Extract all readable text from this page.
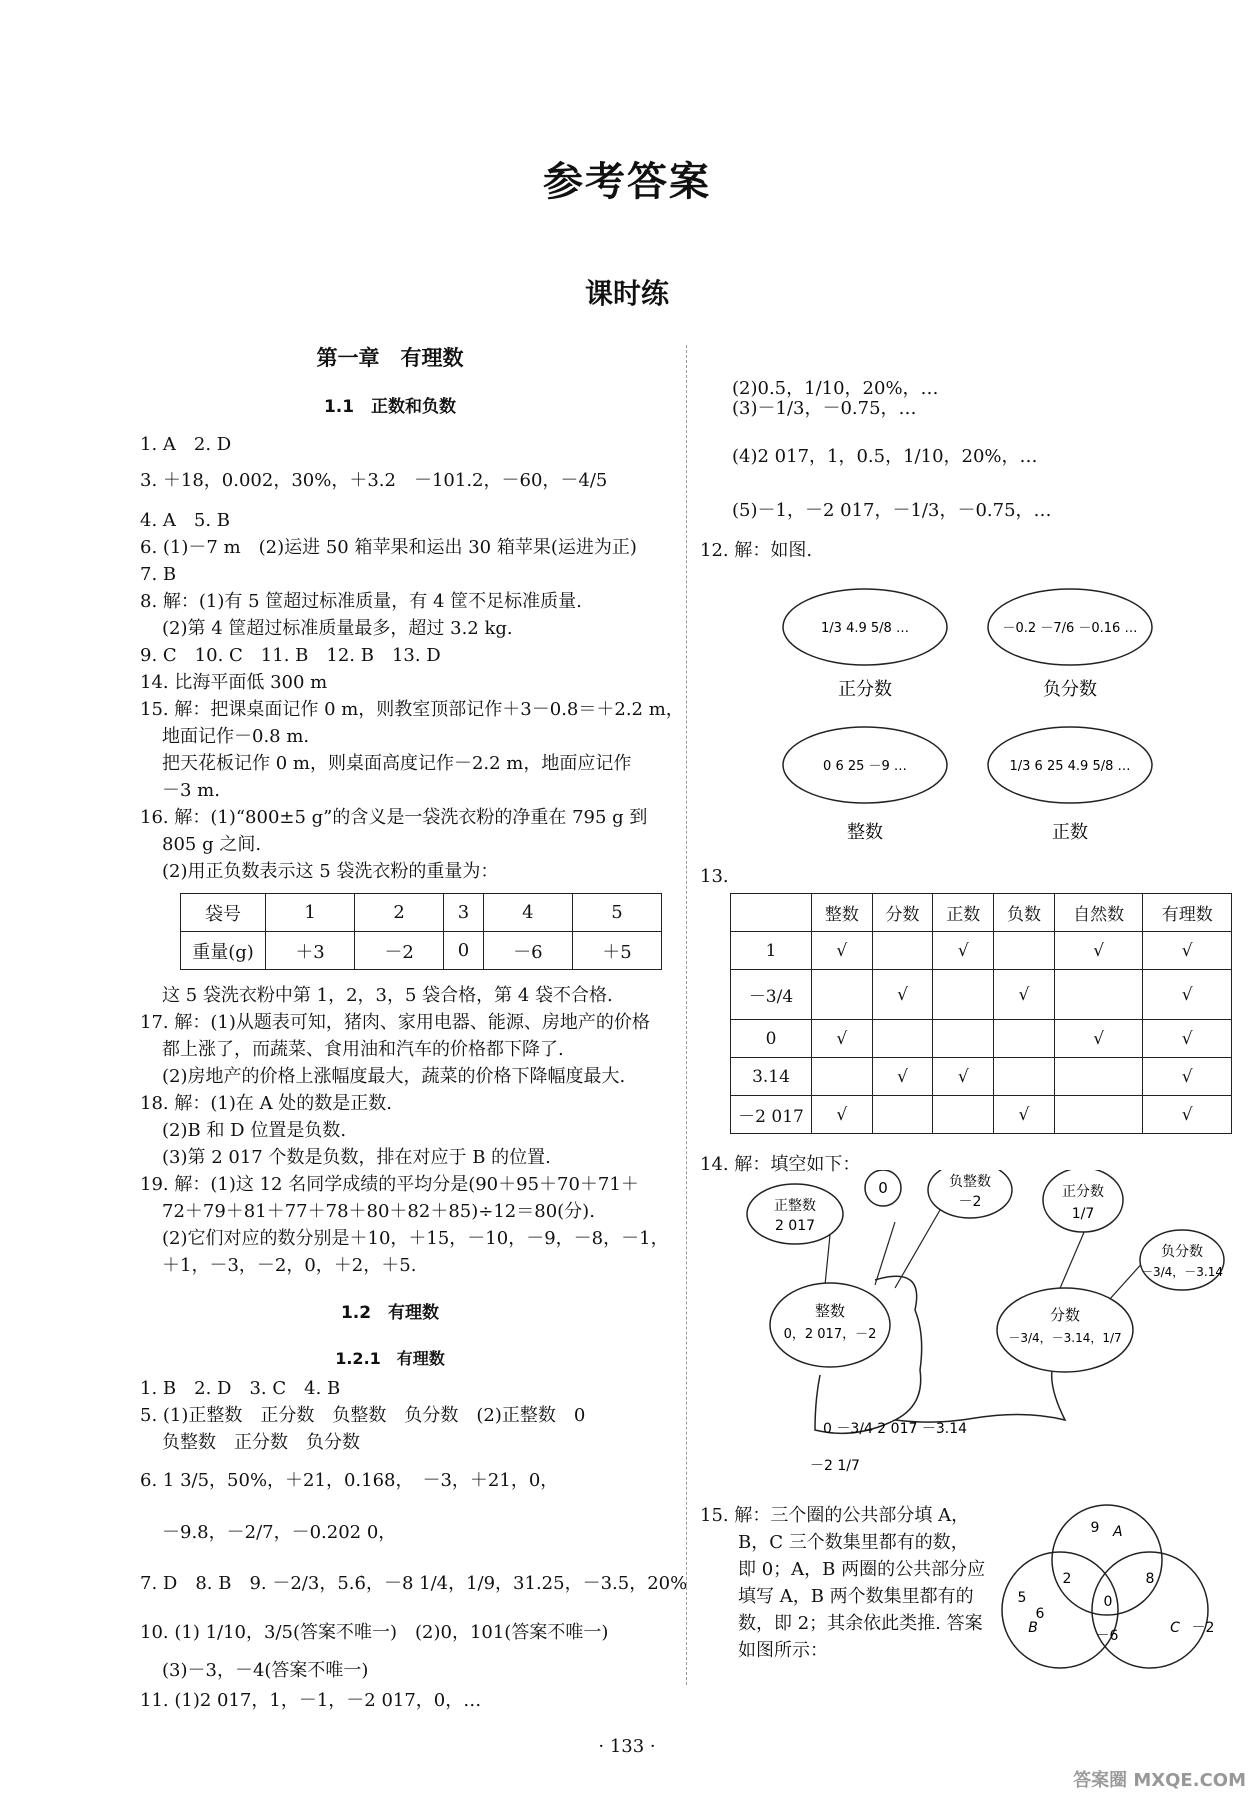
参考答案
课时练
第一章　有理数
1.1　正数和负数
1. A　2. D
3. ＋18，0.002，30%，＋3.2　－101.2，－60，－4/5
4. A　5. B
6. (1)－7 m　(2)运进 50 箱苹果和运出 30 箱苹果(运进为正)
7. B
8. 解：(1)有 5 筐超过标准质量，有 4 筐不足标准质量.
(2)第 4 筐超过标准质量最多，超过 3.2 kg.
9. C　10. C　11. B　12. B　13. D
14. 比海平面低 300 m
15. 解：把课桌面记作 0 m，则教室顶部记作＋3－0.8＝＋2.2 m，
地面记作－0.8 m.
把天花板记作 0 m，则桌面高度记作－2.2 m，地面应记作
－3 m.
16. 解：(1)“800±5 g”的含义是一袋洗衣粉的净重在 795 g 到
805 g 之间.
(2)用正负数表示这 5 袋洗衣粉的重量为：
袋号	1	2	3	4	5
重量(g)	＋3	－2	0	－6	＋5
这 5 袋洗衣粉中第 1，2，3，5 袋合格，第 4 袋不合格.
17. 解：(1)从题表可知，猪肉、家用电器、能源、房地产的价格
都上涨了，而蔬菜、食用油和汽车的价格都下降了.
(2)房地产的价格上涨幅度最大，蔬菜的价格下降幅度最大.
18. 解：(1)在 A 处的数是正数.
(2)B 和 D 位置是负数.
(3)第 2 017 个数是负数，排在对应于 B 的位置.
19. 解：(1)这 12 名同学成绩的平均分是(90＋95＋70＋71＋
72＋79＋81＋77＋78＋80＋82＋85)÷12＝80(分).
(2)它们对应的数分别是＋10，＋15，－10，－9，－8，－1，
＋1，－3，－2，0，＋2，＋5.
1.2　有理数
1.2.1　有理数
1. B　2. D　3. C　4. B
5. (1)正整数　正分数　负整数　负分数　(2)正整数　0
负整数　正分数　负分数
6. 1 3/5，50%，＋21，0.168，　－3，＋21，0，
－9.8，－2/7，－0.202 0，
7. D　8. B　9. －2/3，5.6̇，－8 1/4，1/9，31.25，－3.5，20%
10. (1) 1/10，3/5(答案不唯一)　(2)0，101(答案不唯一)
(3)－3，－4(答案不唯一)
11. (1)2 017，1，－1，－2 017，0，…
(2)0.5，1/10，20%，…
(3)－1/3，－0.75，…
(4)2 017，1，0.5，1/10，20%，…
(5)－1，－2 017，－1/3，－0.75，…
12. 解：如图.
1/3 4.9 5/8 …	－0.2 －7/6 －0.16 …
0 6 25 －9 …	1/3 6 25 4.9 5/8 …
正分数	负分数
整数	正数
13.
	整数	分数	正数	负数	自然数	有理数
1	√		√		√	√
－3/4		√		√		√
0	√				√	√
3.14		√	√			√
－2 017	√			√		√
14. 解：填空如下：
正整数
2 017
0	负整数
－2
正分数
1/7
负分数
－3/4，－3.14
整数
0，2 017，－2
分数
－3/4，－3.14，1/7
0 －3/4 2 017 －3.14
－2 1/7
15. 解：三个圈的公共部分填 A，
B，C 三个数集里都有的数，
即 0；A，B 两圈的公共部分应
填写 A，B 两个数集里都有的
数，即 2；其余依此类推. 答案
如图所示：
9 A
2	8
0
5
6
B	－6	C －2
· 133 ·
答案圈 MXQE.COM
